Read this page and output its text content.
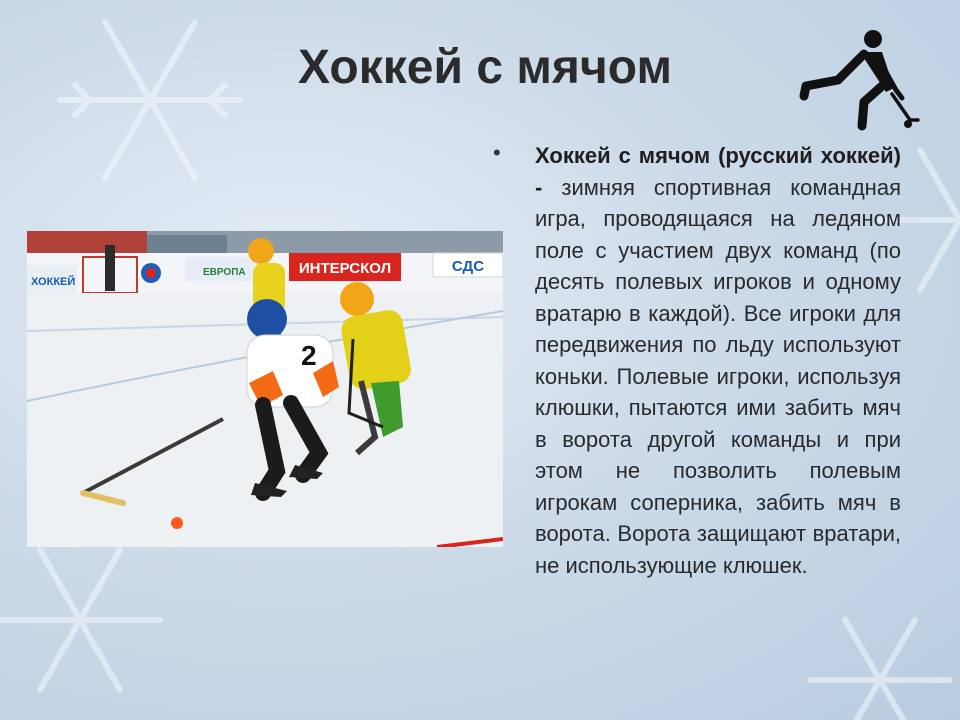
Хоккей с мячом
ИНТЕРСКОЛ	СДС
ХОККЕЙ
ЕВРОПА
2
• Хоккей с мячом (русский хоккей) - зимняя спортивная командная игра, проводящаяся на ледяном поле с участием двух команд (по десять полевых игроков и одному вратарю в каждой). Все игроки для передвижения по льду используют коньки. Полевые игроки, используя клюшки, пытаются ими забить мяч в ворота другой команды и при этом не позволить полевым игрокам соперника, забить мяч в ворота. Ворота защищают вратари, не использующие клюшек.
